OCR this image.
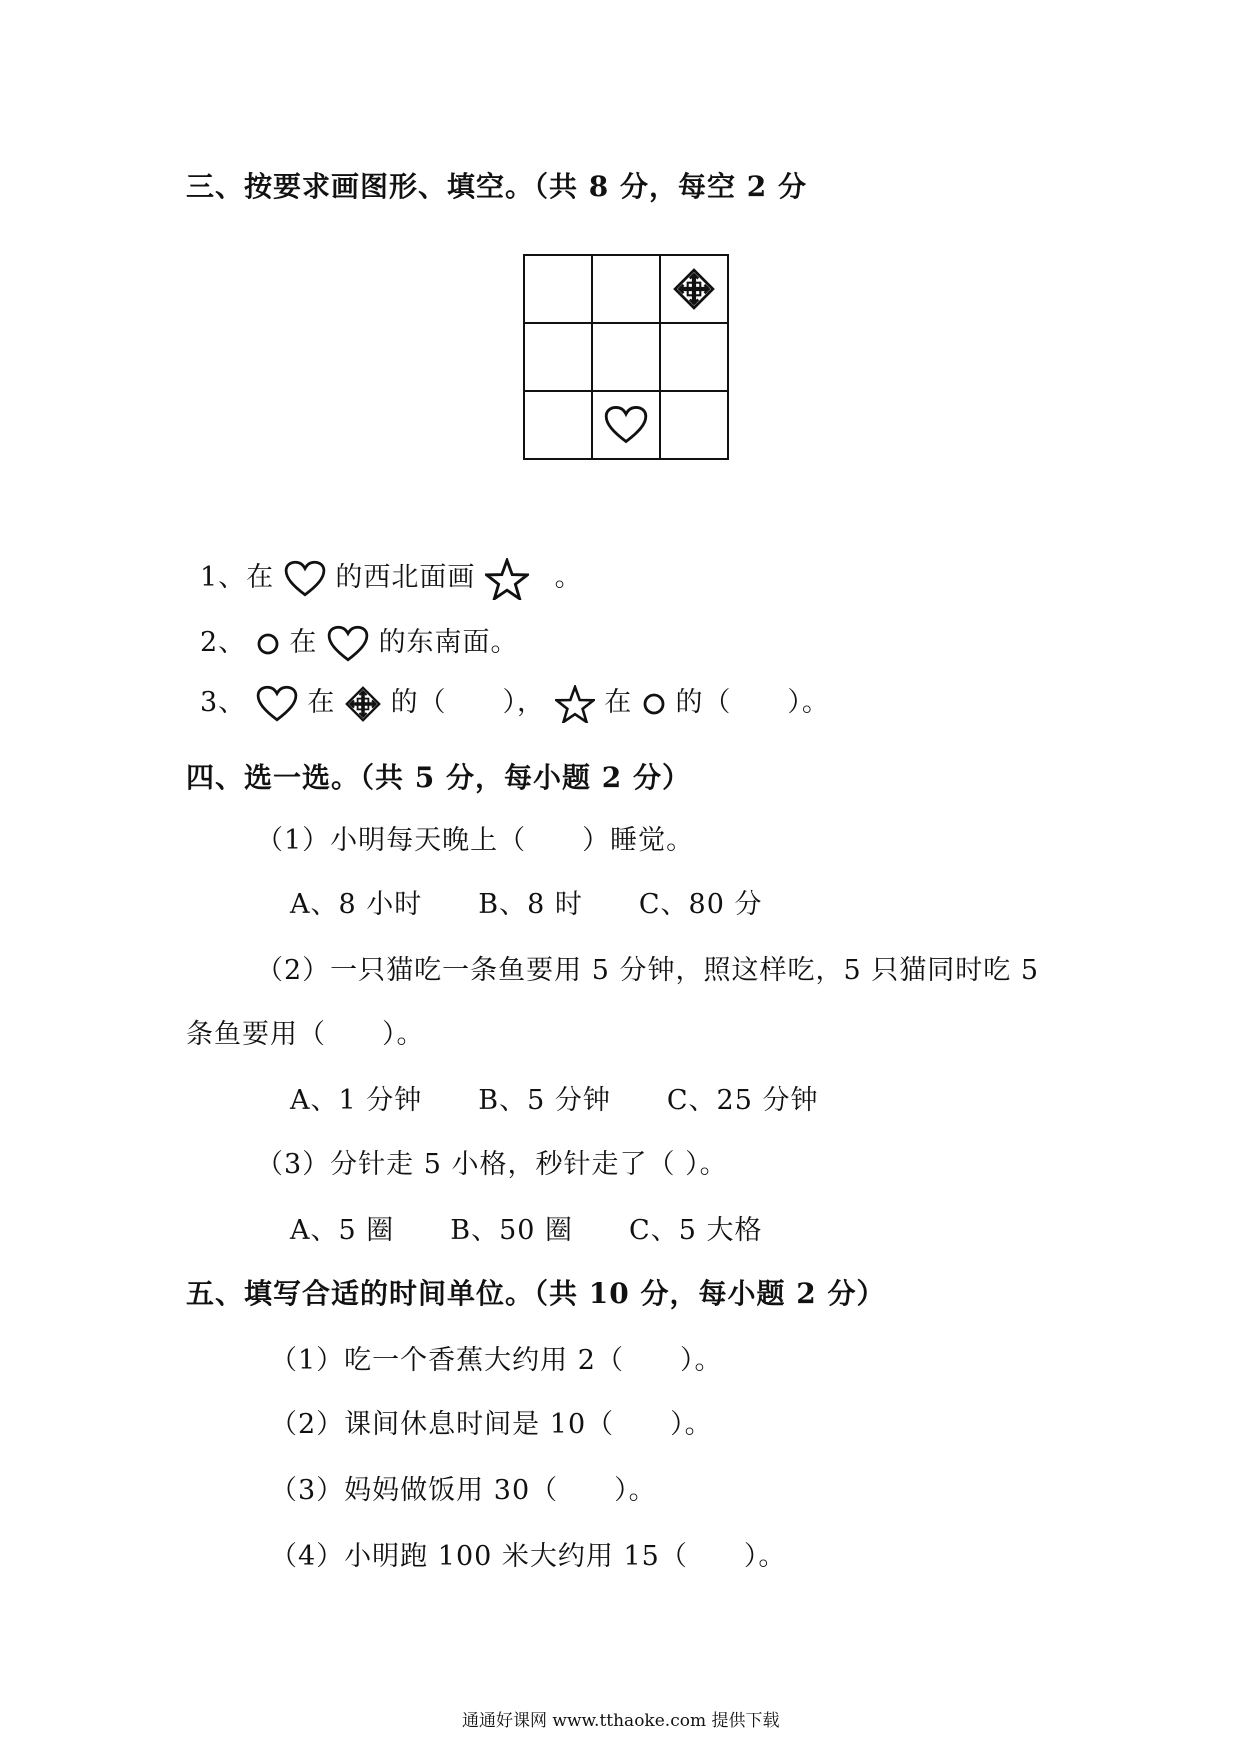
三、按要求画图形、填空。（共 8 分，每空 2 分

1、在 的西北面画	。
2、 在 的东南面。
3、 在 的（　　）， 在 的（　　）。
四、选一选。（共 5 分，每小题 2 分）
（1）小明每天晚上（　　）睡觉。
A、8 小时　　B、8 时　　C、80 分
（2）一只猫吃一条鱼要用 5 分钟，照这样吃，5 只猫同时吃 5
条鱼要用（　　）。
A、1 分钟　　B、5 分钟　　C、25 分钟
（3）分针走 5 小格，秒针走了（ ）。
A、5 圈　　B、50 圈　　C、5 大格
五、填写合适的时间单位。（共 10 分，每小题 2 分）
（1）吃一个香蕉大约用 2（　　）。
（2）课间休息时间是 10（　　）。
（3）妈妈做饭用 30（　　）。
（4）小明跑 100 米大约用 15（　　）。
通通好课网 www.tthaoke.com 提供下载
